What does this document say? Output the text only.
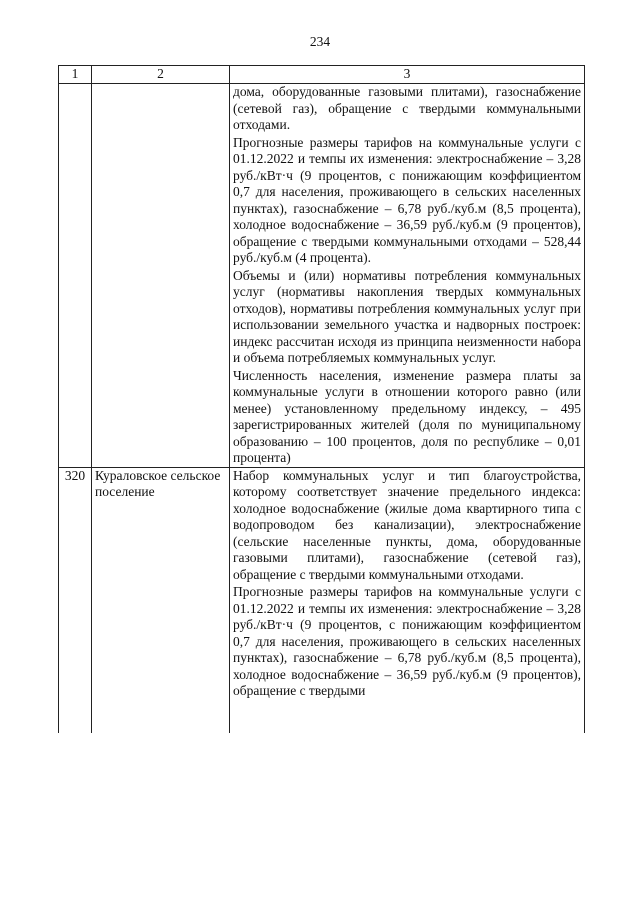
234
1	2	3

		дома, оборудованные газовыми плитами), газоснабжение (сетевой газ), обращение с твердыми коммунальными отходами.

Прогнозные размеры тарифов на коммунальные услуги с 01.12.2022 и темпы их изменения: электроснабжение – 3,28 руб./кВт·ч (9 процентов, с понижающим коэффициентом 0,7 для населения, проживающего в сельских населенных пунктах), газоснабжение – 6,78 руб./куб.м (8,5 процента), холодное водоснабжение – 36,59 руб./куб.м (9 процентов), обращение с твердыми коммунальными отходами – 528,44 руб./куб.м (4 процента).

Объемы и (или) нормативы потребления коммунальных услуг (нормативы накопления твердых коммунальных отходов), нормативы потребления коммунальных услуг при использовании земельного участка и надворных построек: индекс рассчитан исходя из принципа неизменности набора и объема потребляемых коммунальных услуг.

Численность населения, изменение размера платы за коммунальные услуги в отношении которого равно (или менее) установленному предельному индексу, – 495 зарегистрированных жителей (доля по муниципальному образованию – 100 процентов, доля по республике – 0,01 процента)

320	Кураловское сельское поселение	Набор коммунальных услуг и тип благоустройства, которому соответствует значение предельного индекса: холодное водоснабжение (жилые дома квартирного типа с водопроводом без канализации), электроснабжение (сельские населенные пункты, дома, оборудованные газовыми плитами), газоснабжение (сетевой газ), обращение с твердыми коммунальными отходами.

Прогнозные размеры тарифов на коммунальные услуги с 01.12.2022 и темпы их изменения: электроснабжение – 3,28 руб./кВт·ч (9 процентов, с понижающим коэффициентом 0,7 для населения, проживающего в сельских населенных пунктах), газоснабжение – 6,78 руб./куб.м (8,5 процента), холодное водоснабжение – 36,59 руб./куб.м (9 процентов), обращение с твердыми
